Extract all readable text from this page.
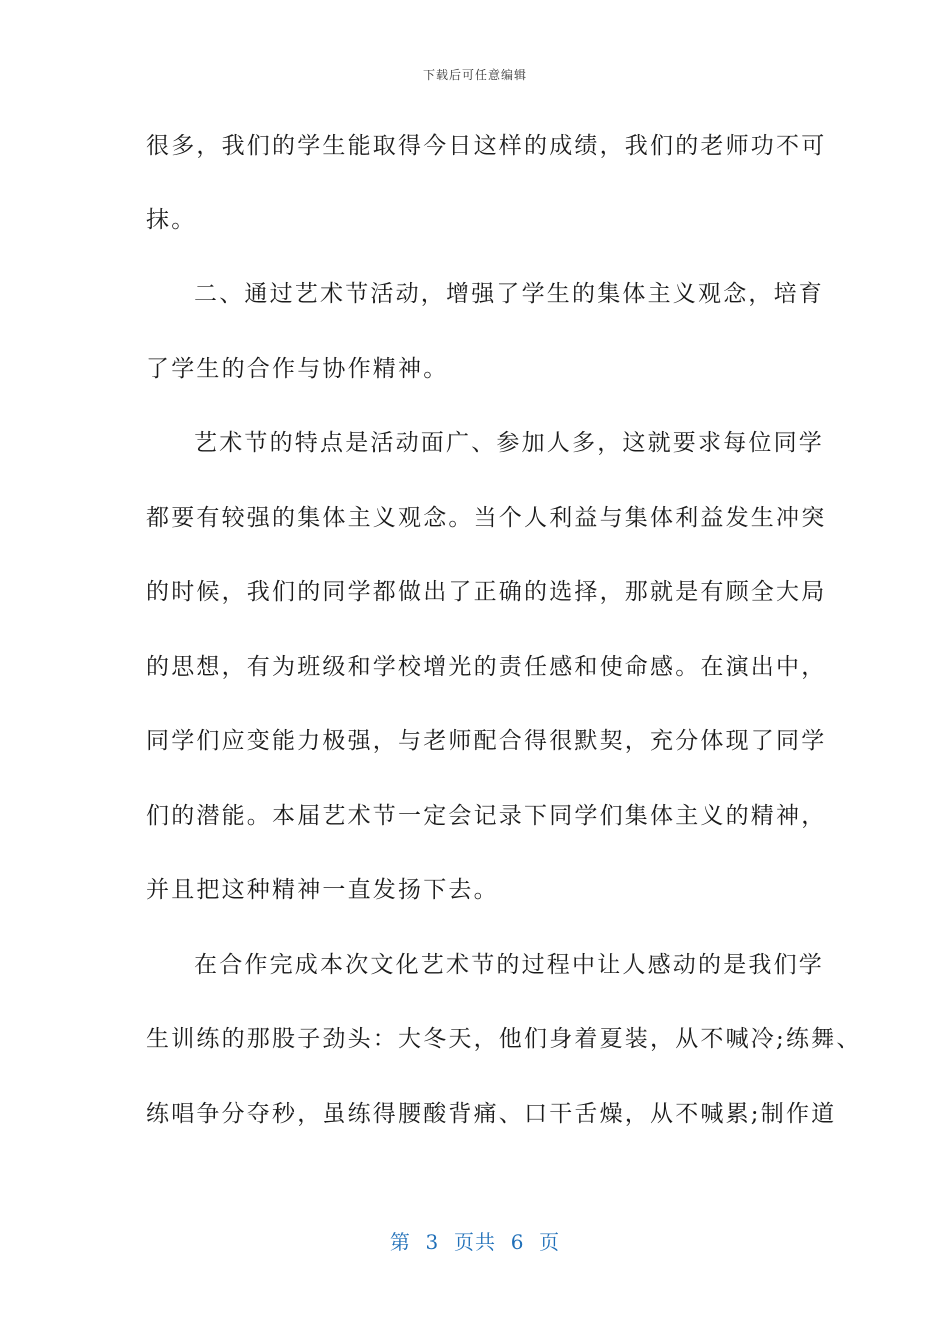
下载后可任意编辑
很多，我们的学生能取得今日这样的成绩，我们的老师功不可
抹。
二、通过艺术节活动，增强了学生的集体主义观念，培育
了学生的合作与协作精神。
艺术节的特点是活动面广、参加人多，这就要求每位同学
都要有较强的集体主义观念。当个人利益与集体利益发生冲突
的时候，我们的同学都做出了正确的选择，那就是有顾全大局
的思想，有为班级和学校增光的责任感和使命感。在演出中，
同学们应变能力极强，与老师配合得很默契，充分体现了同学
们的潜能。本届艺术节一定会记录下同学们集体主义的精神，
并且把这种精神一直发扬下去。
在合作完成本次文化艺术节的过程中让人感动的是我们学
生训练的那股子劲头：大冬天，他们身着夏装，从不喊冷;练舞、
练唱争分夺秒，虽练得腰酸背痛、口干舌燥，从不喊累;制作道
第  3  页共  6  页
